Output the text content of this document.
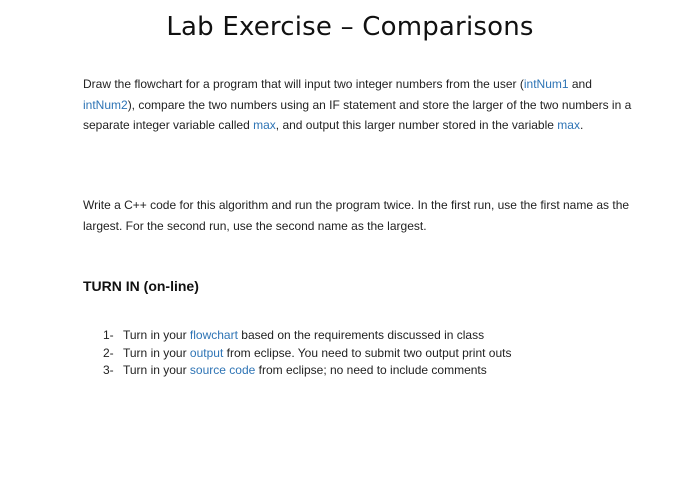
Lab Exercise – Comparisons
Draw the flowchart for a program that will input two integer numbers from the user (intNum1 and intNum2), compare the two numbers using an IF statement and store the larger of the two numbers in a separate integer variable called max, and output this larger number stored in the variable max.
Write a C++ code for this algorithm and run the program twice. In the first run, use the first name as the largest. For the second run, use the second name as the largest.
TURN IN (on-line)
1- Turn in your flowchart based on the requirements discussed in class
2- Turn in your output from eclipse. You need to submit two output print outs
3- Turn in your source code from eclipse; no need to include comments
